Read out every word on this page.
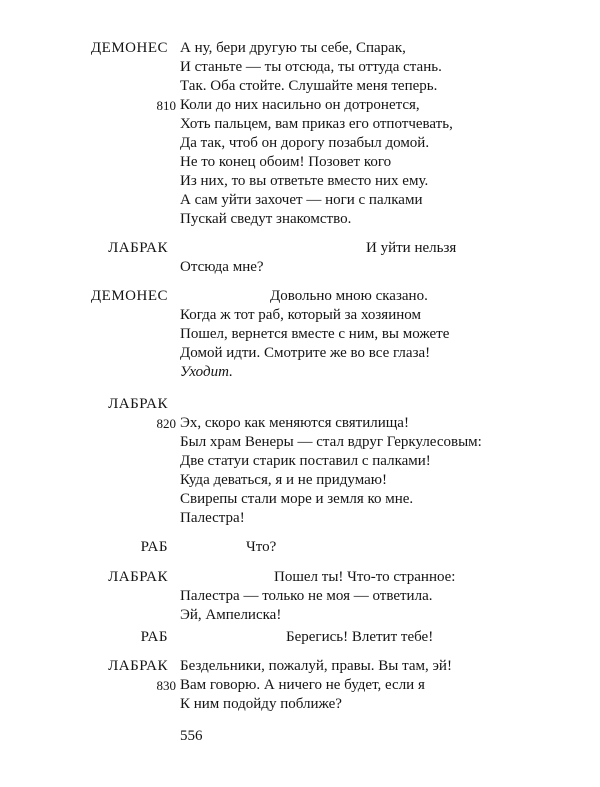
ДЕМОНЕС А ну, бери другую ты себе, Спарак,
И станьте — ты отсюда, ты оттуда стань.
Так. Оба стойте. Слушайте меня теперь.
810 Коли до них насильно он дотронется,
Хоть пальцем, вам приказ его отпотчевать,
Да так, чтоб он дорогу позабыл домой.
Не то конец обоим! Позовет кого
Из них, то вы ответьте вместо них ему.
А сам уйти захочет — ноги с палками
Пускай сведут знакомство.
ЛАБРАК	И уйти нельзя
Отсюда мне?
ДЕМОНЕС	Довольно мною сказано.
Когда ж тот раб, который за хозяином
Пошел, вернется вместе с ним, вы можете
Домой идти. Смотрите же во все глаза!
Уходит.
ЛАБРАК
820 Эх, скоро как меняются святилища!
Был храм Венеры — стал вдруг Геркулесовым:
Две статуи старик поставил с палками!
Куда деваться, я и не придумаю!
Свирепы стали море и земля ко мне.
Палестра!
РАБ	Что?
ЛАБРАК	Пошел ты! Что-то странное:
Палестра — только не моя — ответила.
Эй, Ампелиска!
РАБ	Берегись! Влетит тебе!
ЛАБРАК Бездельники, пожалуй, правы. Вы там, эй!
830 Вам говорю. А ничего не будет, если я
К ним подойду поближе?
556
